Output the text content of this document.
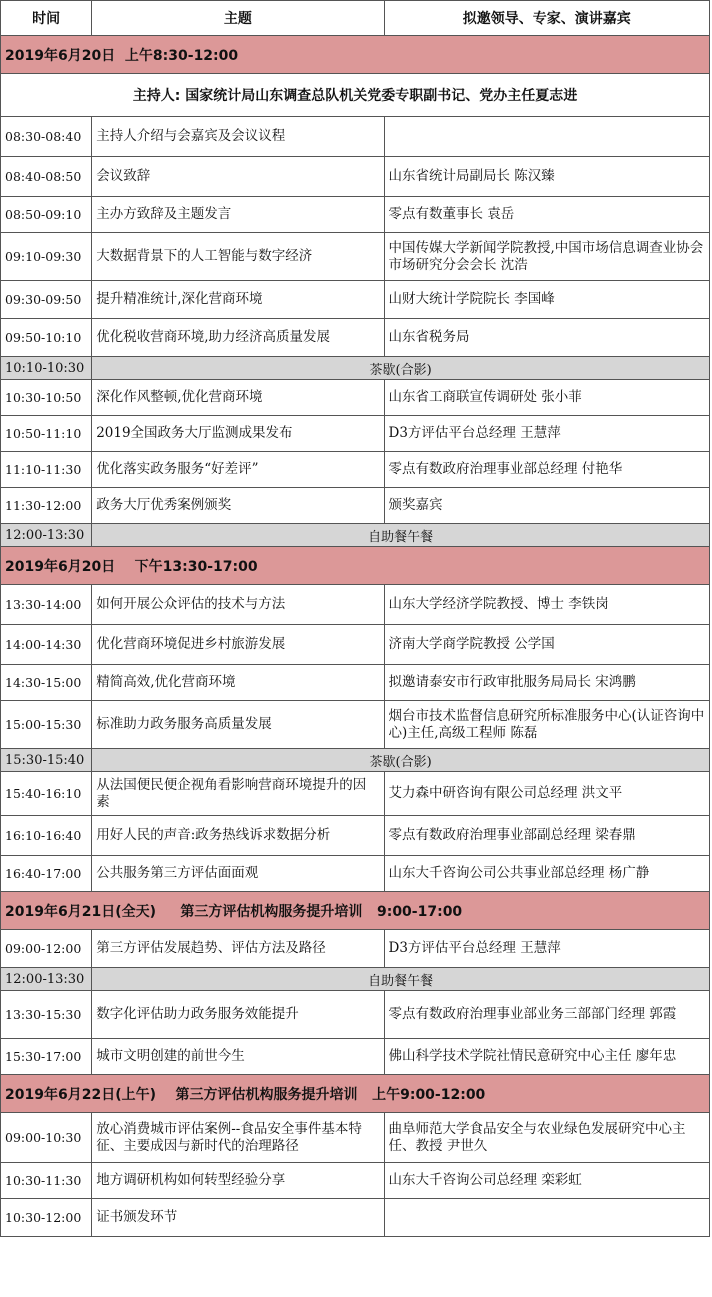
时间	主题	拟邀领导、专家、演讲嘉宾
2019年6月20日  上午8:30-12:00		
主持人: 国家统计局山东调查总队机关党委专职副书记、党办主任夏志进		
08:30-08:40	主持人介绍与会嘉宾及会议议程	
08:40-08:50	会议致辞	山东省统计局副局长 陈汉臻
08:50-09:10	主办方致辞及主题发言	零点有数董事长 袁岳
09:10-09:30	大数据背景下的人工智能与数字经济	中国传媒大学新闻学院教授,中国市场信息调查业协会市场研究分会会长 沈浩
09:30-09:50	提升精准统计,深化营商环境	山财大统计学院院长 李国峰
09:50-10:10	优化税收营商环境,助力经济高质量发展	山东省税务局
10:10-10:30	茶歇(合影)	
10:30-10:50	深化作风整顿,优化营商环境	山东省工商联宣传调研处 张小菲
10:50-11:10	2019全国政务大厅监测成果发布	D3方评估平台总经理 王慧萍
11:10-11:30	优化落实政务服务“好差评”	零点有数政府治理事业部总经理 付艳华
11:30-12:00	政务大厅优秀案例颁奖	颁奖嘉宾
12:00-13:30	自助餐午餐	
2019年6月20日    下午13:30-17:00		
13:30-14:00	如何开展公众评估的技术与方法	山东大学经济学院教授、博士 李铁岗
14:00-14:30	优化营商环境促进乡村旅游发展	济南大学商学院教授 公学国
14:30-15:00	精简高效,优化营商环境	拟邀请泰安市行政审批服务局局长 宋鸿鹏
15:00-15:30	标准助力政务服务高质量发展	烟台市技术监督信息研究所标准服务中心(认证咨询中心)主任,高级工程师 陈磊
15:30-15:40	茶歇(合影)	
15:40-16:10	从法国便民便企视角看影响营商环境提升的因素	艾力森中研咨询有限公司总经理 洪文平
16:10-16:40	用好人民的声音:政务热线诉求数据分析	零点有数政府治理事业部副总经理 梁春鼎
16:40-17:00	公共服务第三方评估面面观	山东大千咨询公司公共事业部总经理 杨广静
2019年6月21日(全天)     第三方评估机构服务提升培训   9:00-17:00		
09:00-12:00	第三方评估发展趋势、评估方法及路径	D3方评估平台总经理 王慧萍
12:00-13:30	自助餐午餐	
13:30-15:30	数字化评估助力政务服务效能提升	零点有数政府治理事业部业务三部部门经理 郭霞
15:30-17:00	城市文明创建的前世今生	佛山科学技术学院社情民意研究中心主任 廖年忠
2019年6月22日(上午)    第三方评估机构服务提升培训   上午9:00-12:00		
09:00-10:30	放心消费城市评估案例--食品安全事件基本特征、主要成因与新时代的治理路径	曲阜师范大学食品安全与农业绿色发展研究中心主任、教授 尹世久
10:30-11:30	地方调研机构如何转型经验分享	山东大千咨询公司总经理 栾彩虹
10:30-12:00	证书颁发环节	
